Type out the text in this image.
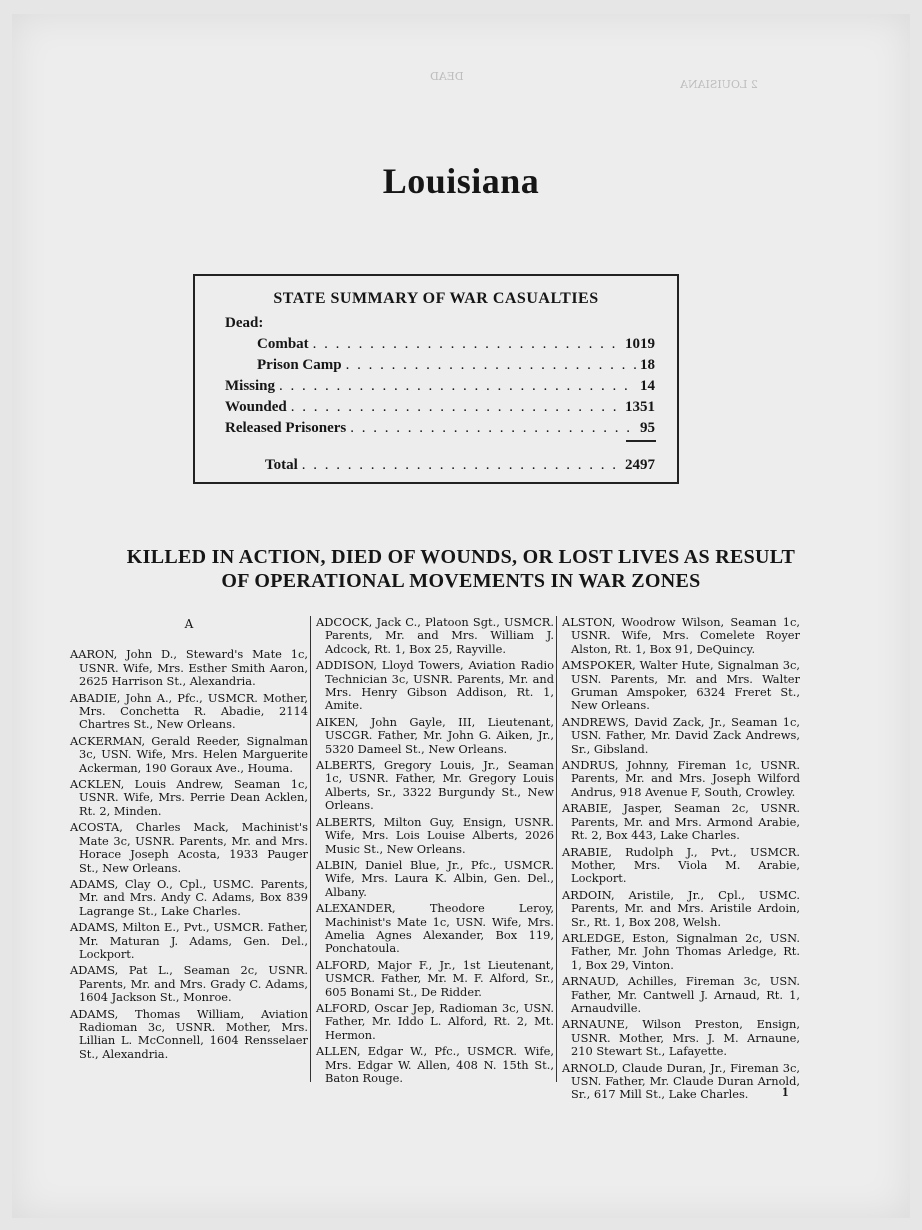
DEAD
2 LOUISIANA
Louisiana
STATE SUMMARY OF WAR CASUALTIES
Dead:
Combat . . .	1019
Prison Camp . . .	18
Missing . . .	14
Wounded . . .	1351
Released Prisoners . . .	95
Total . . .	2497
KILLED IN ACTION, DIED OF WOUNDS, OR LOST LIVES AS RESULT
OF OPERATIONAL MOVEMENTS IN WAR ZONES
A
AARON, John D., Steward's Mate 1c, USNR. Wife, Mrs. Esther Smith Aaron, 2625 Harrison St., Alexandria.
ABADIE, John A., Pfc., USMCR. Mother, Mrs. Conchetta R. Abadie, 2114 Chartres St., New Orleans.
ACKERMAN, Gerald Reeder, Signalman 3c, USN. Wife, Mrs. Helen Marguerite Ackerman, 190 Goraux Ave., Houma.
ACKLEN, Louis Andrew, Seaman 1c, USNR. Wife, Mrs. Perrie Dean Acklen, Rt. 2, Minden.
ACOSTA, Charles Mack, Machinist's Mate 3c, USNR. Parents, Mr. and Mrs. Horace Joseph Acosta, 1933 Pauger St., New Orleans.
ADAMS, Clay O., Cpl., USMC. Parents, Mr. and Mrs. Andy C. Adams, Box 839 Lagrange St., Lake Charles.
ADAMS, Milton E., Pvt., USMCR. Father, Mr. Maturan J. Adams, Gen. Del., Lockport.
ADAMS, Pat L., Seaman 2c, USNR. Parents, Mr. and Mrs. Grady C. Adams, 1604 Jackson St., Monroe.
ADAMS, Thomas William, Aviation Radioman 3c, USNR. Mother, Mrs. Lillian L. McConnell, 1604 Rensselaer St., Alexandria.
ADCOCK, Jack C., Platoon Sgt., USMCR. Parents, Mr. and Mrs. William J. Adcock, Rt. 1, Box 25, Rayville.
ADDISON, Lloyd Towers, Aviation Radio Technician 3c, USNR. Parents, Mr. and Mrs. Henry Gibson Addison, Rt. 1, Amite.
AIKEN, John Gayle, III, Lieutenant, USCGR. Father, Mr. John G. Aiken, Jr., 5320 Dameel St., New Orleans.
ALBERTS, Gregory Louis, Jr., Seaman 1c, USNR. Father, Mr. Gregory Louis Alberts, Sr., 3322 Burgundy St., New Orleans.
ALBERTS, Milton Guy, Ensign, USNR. Wife, Mrs. Lois Louise Alberts, 2026 Music St., New Orleans.
ALBIN, Daniel Blue, Jr., Pfc., USMCR. Wife, Mrs. Laura K. Albin, Gen. Del., Albany.
ALEXANDER, Theodore Leroy, Machinist's Mate 1c, USN. Wife, Mrs. Amelia Agnes Alexander, Box 119, Ponchatoula.
ALFORD, Major F., Jr., 1st Lieutenant, USMCR. Father, Mr. M. F. Alford, Sr., 605 Bonami St., De Ridder.
ALFORD, Oscar Jep, Radioman 3c, USN. Father, Mr. Iddo L. Alford, Rt. 2, Mt. Hermon.
ALLEN, Edgar W., Pfc., USMCR. Wife, Mrs. Edgar W. Allen, 408 N. 15th St., Baton Rouge.
ALSTON, Woodrow Wilson, Seaman 1c, USNR. Wife, Mrs. Comelete Royer Alston, Rt. 1, Box 91, DeQuincy.
AMSPOKER, Walter Hute, Signalman 3c, USN. Parents, Mr. and Mrs. Walter Gruman Amspoker, 6324 Freret St., New Orleans.
ANDREWS, David Zack, Jr., Seaman 1c, USN. Father, Mr. David Zack Andrews, Sr., Gibsland.
ANDRUS, Johnny, Fireman 1c, USNR. Parents, Mr. and Mrs. Joseph Wilford Andrus, 918 Avenue F, South, Crowley.
ARABIE, Jasper, Seaman 2c, USNR. Parents, Mr. and Mrs. Armond Arabie, Rt. 2, Box 443, Lake Charles.
ARABIE, Rudolph J., Pvt., USMCR. Mother, Mrs. Viola M. Arabie, Lockport.
ARDOIN, Aristile, Jr., Cpl., USMC. Parents, Mr. and Mrs. Aristile Ardoin, Sr., Rt. 1, Box 208, Welsh.
ARLEDGE, Eston, Signalman 2c, USN. Father, Mr. John Thomas Arledge, Rt. 1, Box 29, Vinton.
ARNAUD, Achilles, Fireman 3c, USN. Father, Mr. Cantwell J. Arnaud, Rt. 1, Arnaudville.
ARNAUNE, Wilson Preston, Ensign, USNR. Mother, Mrs. J. M. Arnaune, 210 Stewart St., Lafayette.
ARNOLD, Claude Duran, Jr., Fireman 3c, USN. Father, Mr. Claude Duran Arnold, Sr., 617 Mill St., Lake Charles.	1
